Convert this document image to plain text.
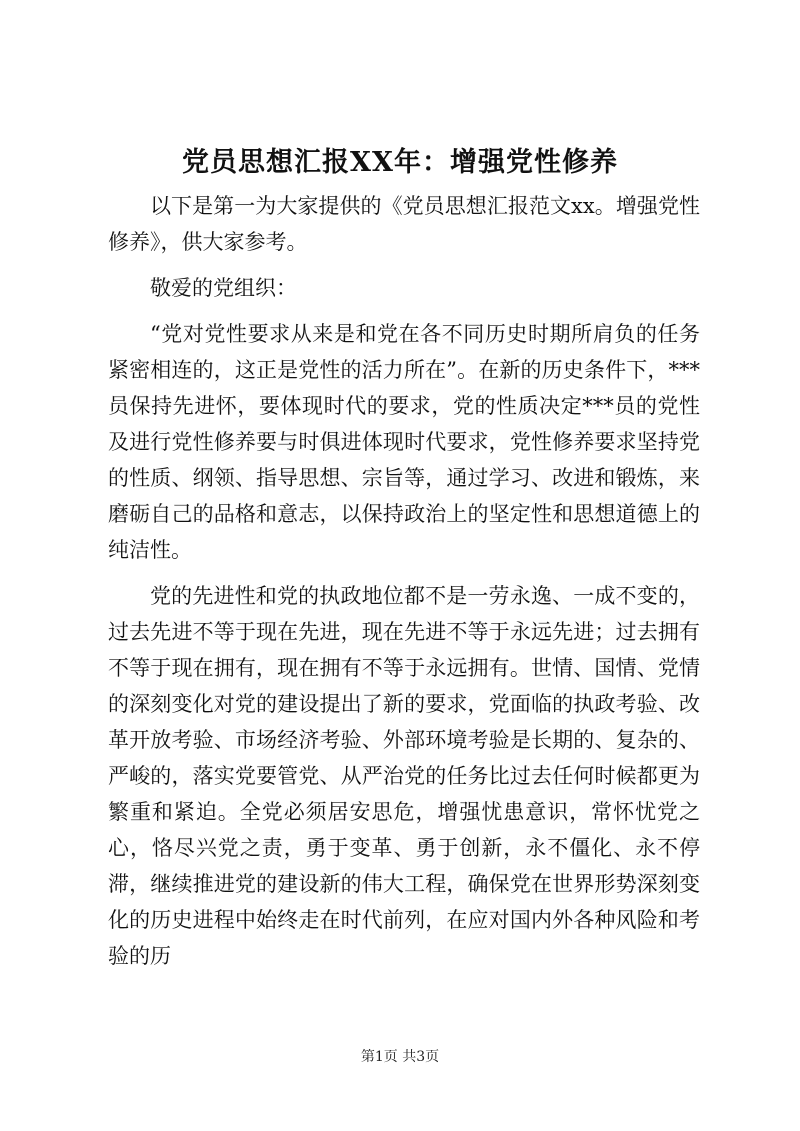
党员思想汇报XX年：增强党性修养

以下是第一为大家提供的《党员思想汇报范文xx。增强党性修养》，供大家参考。

敬爱的党组织：

“党对党性要求从来是和党在各不同历史时期所肩负的任务紧密相连的，这正是党性的活力所在”。在新的历史条件下，***员保持先进怀，要体现时代的要求，党的性质决定***员的党性及进行党性修养要与时俱进体现时代要求，党性修养要求坚持党的性质、纲领、指导思想、宗旨等，通过学习、改进和锻炼，来磨砺自己的品格和意志，以保持政治上的坚定性和思想道德上的纯洁性。

党的先进性和党的执政地位都不是一劳永逸、一成不变的，过去先进不等于现在先进，现在先进不等于永远先进；过去拥有不等于现在拥有，现在拥有不等于永远拥有。世情、国情、党情的深刻变化对党的建设提出了新的要求，党面临的执政考验、改革开放考验、市场经济考验、外部环境考验是长期的、复杂的、严峻的，落实党要管党、从严治党的任务比过去任何时候都更为繁重和紧迫。全党必须居安思危，增强忧患意识，常怀忧党之心，恪尽兴党之责，勇于变革、勇于创新，永不僵化、永不停滞，继续推进党的建设新的伟大工程，确保党在世界形势深刻变化的历史进程中始终走在时代前列，在应对国内外各种风险和考验的历

第1页 共3页
